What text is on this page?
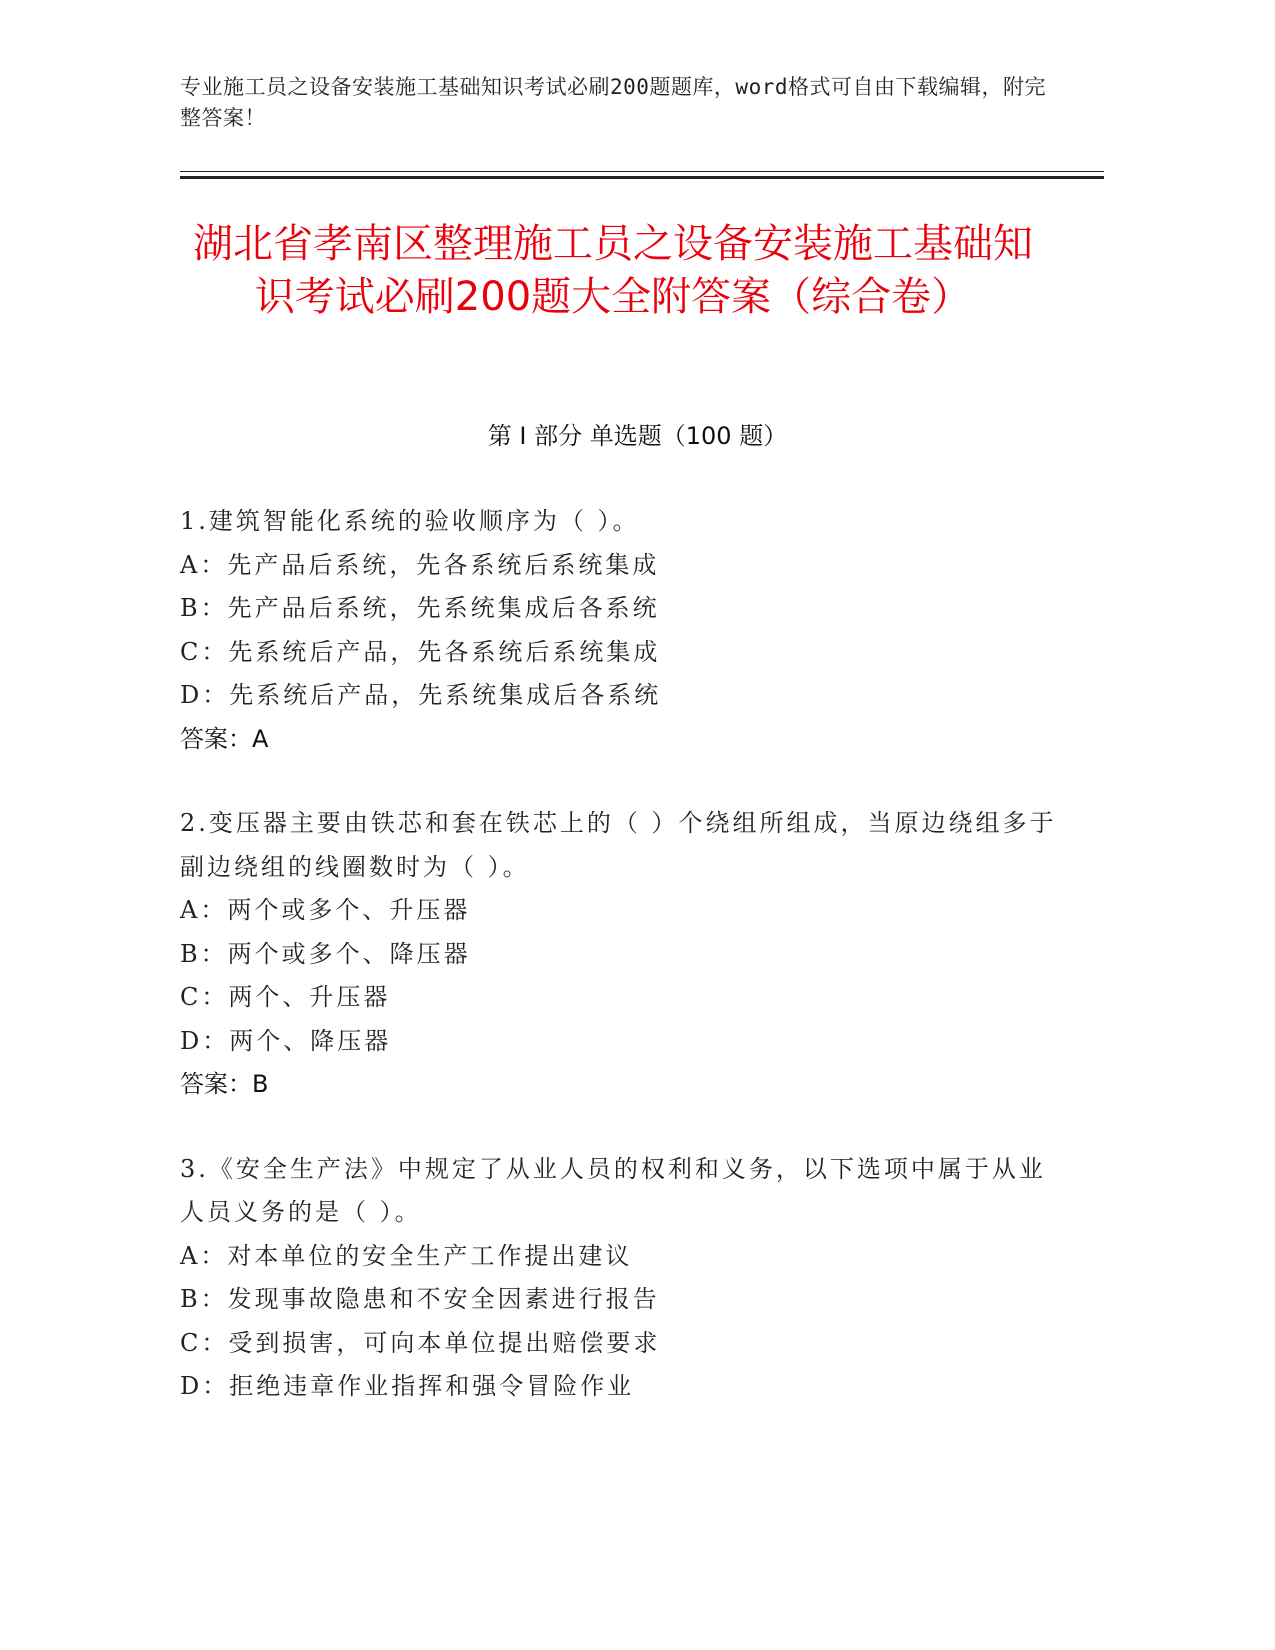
专业施工员之设备安装施工基础知识考试必刷200题题库，word格式可自由下载编辑，附完整答案！
湖北省孝南区整理施工员之设备安装施工基础知识考试必刷200题大全附答案（综合卷）
第 I 部分 单选题（100 题）
1.建筑智能化系统的验收顺序为（ ）。
A：先产品后系统，先各系统后系统集成
B：先产品后系统，先系统集成后各系统
C：先系统后产品，先各系统后系统集成
D：先系统后产品，先系统集成后各系统
答案：A
2.变压器主要由铁芯和套在铁芯上的（ ）个绕组所组成，当原边绕组多于副边绕组的线圈数时为（ ）。
A：两个或多个、升压器
B：两个或多个、降压器
C：两个、升压器
D：两个、降压器
答案：B
3.《安全生产法》中规定了从业人员的权利和义务，以下选项中属于从业人员义务的是（ ）。
A：对本单位的安全生产工作提出建议
B：发现事故隐患和不安全因素进行报告
C：受到损害，可向本单位提出赔偿要求
D：拒绝违章作业指挥和强令冒险作业
